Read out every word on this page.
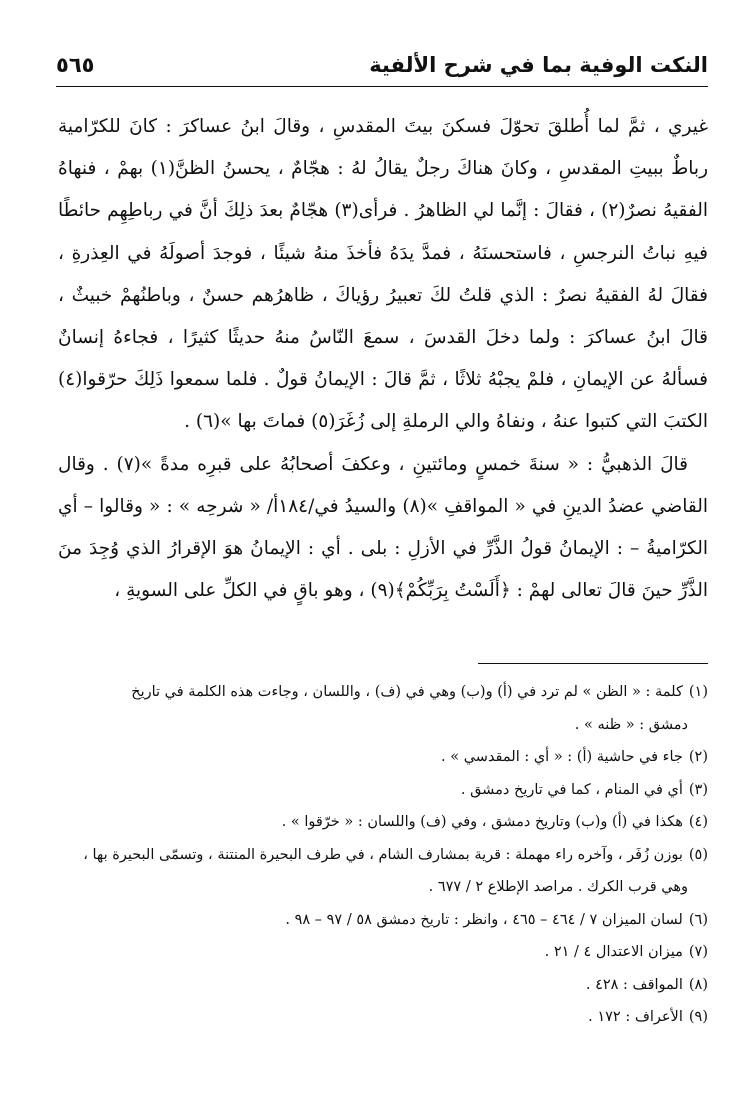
النكت الوفية بما في شرح الألفية
٥٦٥

غيري ، ثمَّ لما أُطلقَ تحوّلَ فسكنَ بيتَ المقدسِ ، وقالَ ابنُ عساكرَ : كانَ للكرّامية رباطٌ ببيتِ المقدسِ ، وكانَ هناكَ رجلٌ يقالُ لهُ : هجّامٌ ، يحسنُ الظنَّ(١) بهمْ ، فنهاهُ الفقيهُ نصرٌ(٢) ، فقالَ : إنَّما لي الظاهرُ . فرأى(٣) هجّامٌ بعدَ ذلِكَ أنَّ في رباطِهِم حائطًا فيهِ نباتُ النرجسِ ، فاستحسنَهُ ، فمدَّ يدَهُ فأخذَ منهُ شيئًا ، فوجدَ أصولَهُ في العِذرةِ ، فقالَ لهُ الفقيهُ نصرٌ : الذي قلتُ لكَ تعبيرُ رؤياكَ ، ظاهرُهم حسنٌ ، وباطنُهمْ خبيثٌ ، قالَ ابنُ عساكرَ : ولما دخلَ القدسَ ، سمعَ النّاسُ منهُ حديثًا كثيرًا ، فجاءهُ إنسانٌ فسألهُ عن الإيمانِ ، فلمْ يجبْهُ ثلاثًا ، ثمَّ قالَ : الإيمانُ قولٌ . فلما سمعوا ذَلِكَ حرّقوا(٤) الكتبَ التي كتبوا عنهُ ، ونفاهُ والي الرملةِ إلى زُغَرَ(٥) فماتَ بها »(٦) .

قالَ الذهبيُّ : « سنةَ خمسٍ ومائتينِ ، وعكفَ أصحابُهُ على قبرِه مدةً »(٧) . وقال القاضي عضدُ الدينِ في « المواقفِ »(٨) والسيدُ في/١٨٤أ/ « شرحِه » : « وقالوا – أي الكرّاميةُ – : الإيمانُ قولُ الذَّرِّ في الأزلِ : بلى . أي : الإيمانُ هوَ الإقرارُ الذي وُجِدَ منَ الذَّرِّ حينَ قالَ تعالى لهمْ : ﴿أَلَسْتُ بِرَبِّكُمْ﴾(٩) ، وهو باقٍ في الكلِّ على السويةِ ،

(١)كلمة : « الظن » لم ترد في (أ) و(ب) وهي في (ف) ، واللسان ، وجاءت هذه الكلمة في تاريخ

دمشق : « ظنه » .

(٢)جاء في حاشية (أ) : « أي : المقدسي » .

(٣)أي في المنام ، كما في تاريخ دمشق .

(٤)هكذا في (أ) و(ب) وتاريخ دمشق ، وفي (ف) واللسان : « خرّقوا » .

(٥)بوزن زُفَر ، وآخره راء مهملة : قرية بمشارف الشام ، في طرف البحيرة المنتنة ، وتسمّى البحيرة بها ،

وهي قرب الكرك . مراصد الإطلاع ٢ / ٦٧٧ .

(٦)لسان الميزان ٧ / ٤٦٤ – ٤٦٥ ، وانظر : تاريخ دمشق ٥٨ / ٩٧ – ٩٨ .

(٧)ميزان الاعتدال ٤ / ٢١ .

(٨)المواقف : ٤٢٨ .

(٩)الأعراف : ١٧٢ .
